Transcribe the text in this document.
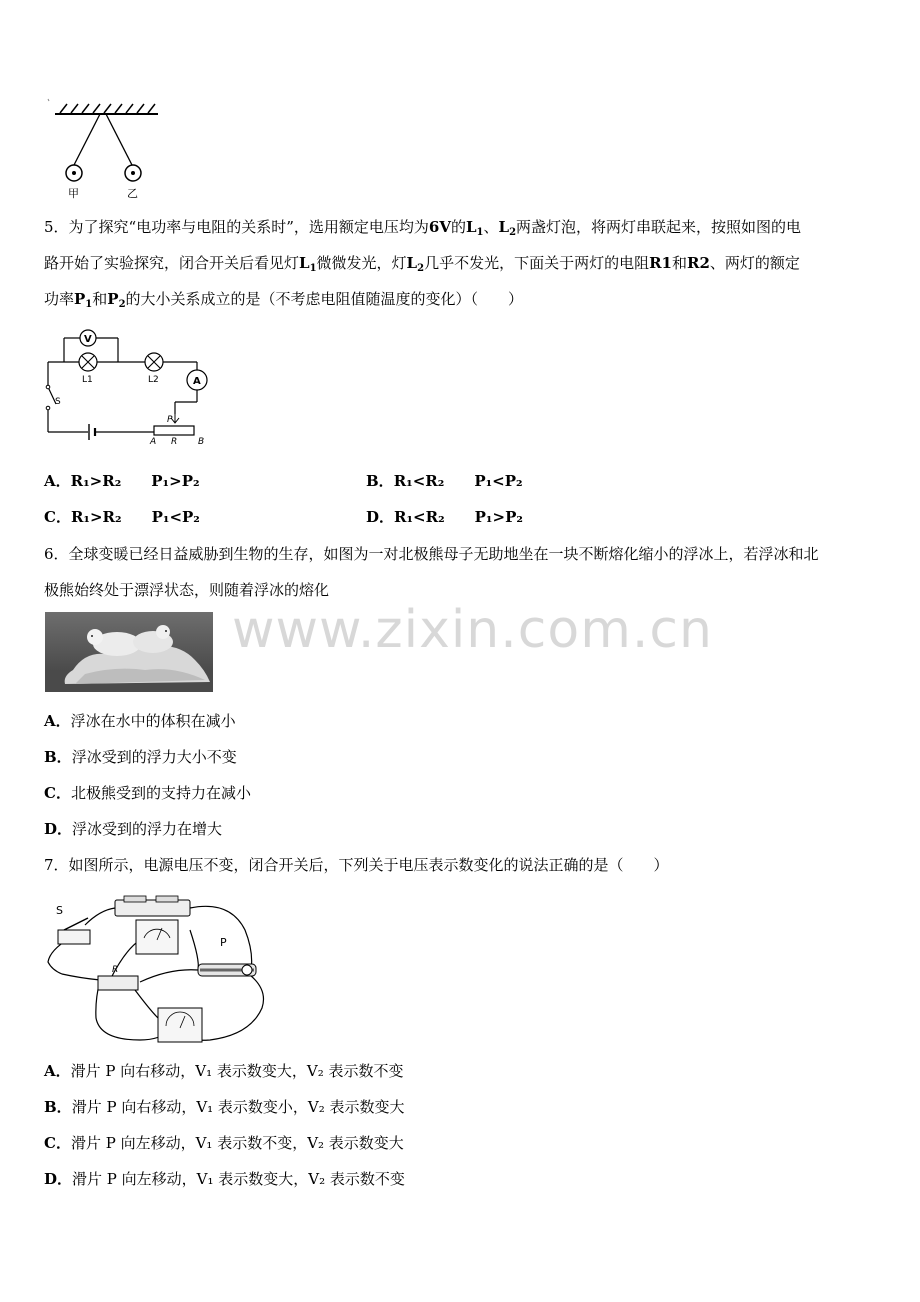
甲	乙
5．为了探究“电功率与电阻的关系时”，选用额定电压均为6V的$L_1$、$L_2$两盏灯泡，将两灯串联起来，按照如图的电
路开始了实验探究，闭合开关后看见灯$L_1$微微发光，灯$L_2$几乎不发光，下面关于两灯的电阻R1和R2、两灯的额定
功率$P_1$和$P_2$的大小关系成立的是（不考虑电阻值随温度的变化）（　　）
V
A
L1	L2
S
P
A R B
A．R₁>R₂　　P₁>P₂	B．R₁<R₂　　P₁<P₂
C．R₁>R₂　　P₁<P₂	D．R₁<R₂　　P₁>P₂
6．全球变暖已经日益威胁到生物的生存，如图为一对北极熊母子无助地坐在一块不断熔化缩小的浮冰上，若浮冰和北
极熊始终处于漂浮状态，则随着浮冰的熔化
www.zixin.com.cn
A．浮冰在水中的体积在减小
B．浮冰受到的浮力大小不变
C．北极熊受到的支持力在减小
D．浮冰受到的浮力在增大
7．如图所示，电源电压不变，闭合开关后，下列关于电压表示数变化的说法正确的是（　　）
S
R
P
A．滑片 P 向右移动，V₁ 表示数变大，V₂ 表示数不变
B．滑片 P 向右移动，V₁ 表示数变小，V₂ 表示数变大
C．滑片 P 向左移动，V₁ 表示数不变，V₂ 表示数变大
D．滑片 P 向左移动，V₁ 表示数变大，V₂ 表示数不变
